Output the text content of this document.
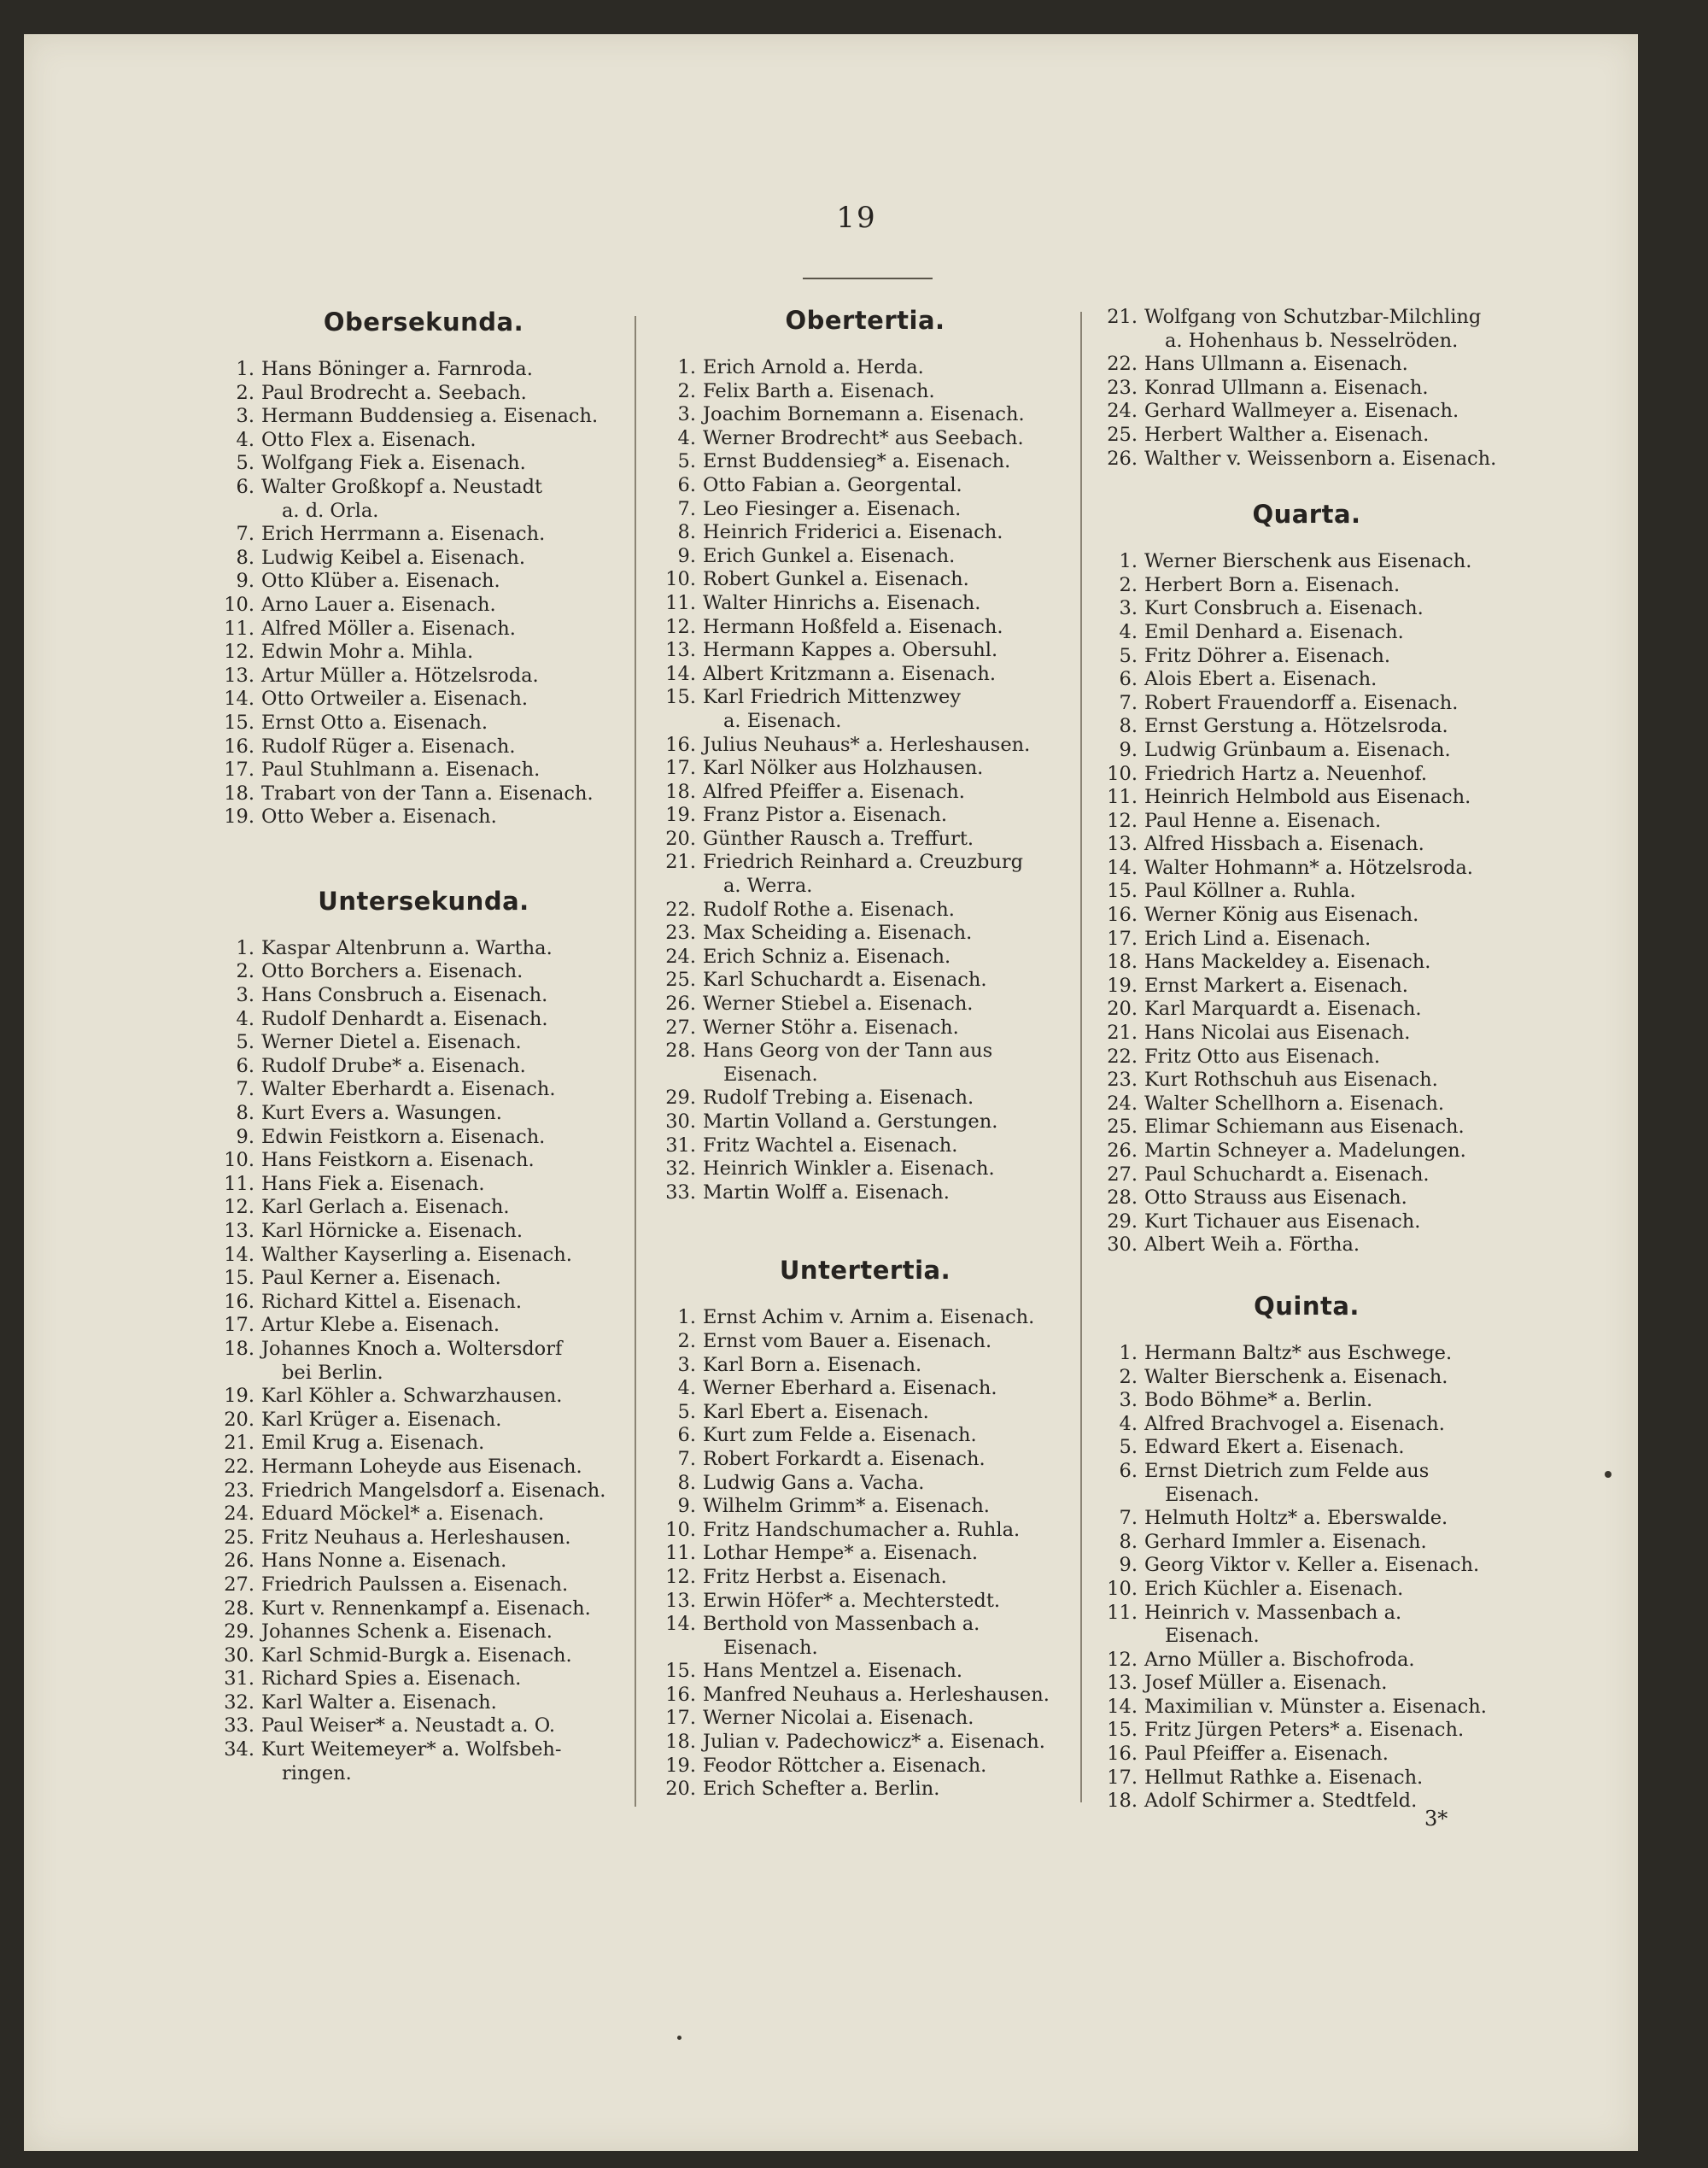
19
Obersekunda.
1. Hans Böninger a. Farnroda.
2. Paul Brodrecht a. Seebach.
3. Hermann Buddensieg a. Eisenach.
4. Otto Flex a. Eisenach.
5. Wolfgang Fiek a. Eisenach.
6. Walter Großkopf a. Neustadt
a. d. Orla.
7. Erich Herrmann a. Eisenach.
8. Ludwig Keibel a. Eisenach.
9. Otto Klüber a. Eisenach.
10. Arno Lauer a. Eisenach.
11. Alfred Möller a. Eisenach.
12. Edwin Mohr a. Mihla.
13. Artur Müller a. Hötzelsroda.
14. Otto Ortweiler a. Eisenach.
15. Ernst Otto a. Eisenach.
16. Rudolf Rüger a. Eisenach.
17. Paul Stuhlmann a. Eisenach.
18. Trabart von der Tann a. Eisenach.
19. Otto Weber a. Eisenach.
Untersekunda.
1. Kaspar Altenbrunn a. Wartha.
2. Otto Borchers a. Eisenach.
3. Hans Consbruch a. Eisenach.
4. Rudolf Denhardt a. Eisenach.
5. Werner Dietel a. Eisenach.
6. Rudolf Drube* a. Eisenach.
7. Walter Eberhardt a. Eisenach.
8. Kurt Evers a. Wasungen.
9. Edwin Feistkorn a. Eisenach.
10. Hans Feistkorn a. Eisenach.
11. Hans Fiek a. Eisenach.
12. Karl Gerlach a. Eisenach.
13. Karl Hörnicke a. Eisenach.
14. Walther Kayserling a. Eisenach.
15. Paul Kerner a. Eisenach.
16. Richard Kittel a. Eisenach.
17. Artur Klebe a. Eisenach.
18. Johannes Knoch a. Woltersdorf
bei Berlin.
19. Karl Köhler a. Schwarzhausen.
20. Karl Krüger a. Eisenach.
21. Emil Krug a. Eisenach.
22. Hermann Loheyde aus Eisenach.
23. Friedrich Mangelsdorf a. Eisenach.
24. Eduard Möckel* a. Eisenach.
25. Fritz Neuhaus a. Herleshausen.
26. Hans Nonne a. Eisenach.
27. Friedrich Paulssen a. Eisenach.
28. Kurt v. Rennenkampf a. Eisenach.
29. Johannes Schenk a. Eisenach.
30. Karl Schmid-Burgk a. Eisenach.
31. Richard Spies a. Eisenach.
32. Karl Walter a. Eisenach.
33. Paul Weiser* a. Neustadt a. O.
34. Kurt Weitemeyer* a. Wolfsbeh-
ringen.
Obertertia.
1. Erich Arnold a. Herda.
2. Felix Barth a. Eisenach.
3. Joachim Bornemann a. Eisenach.
4. Werner Brodrecht* aus Seebach.
5. Ernst Buddensieg* a. Eisenach.
6. Otto Fabian a. Georgental.
7. Leo Fiesinger a. Eisenach.
8. Heinrich Friderici a. Eisenach.
9. Erich Gunkel a. Eisenach.
10. Robert Gunkel a. Eisenach.
11. Walter Hinrichs a. Eisenach.
12. Hermann Hoßfeld a. Eisenach.
13. Hermann Kappes a. Obersuhl.
14. Albert Kritzmann a. Eisenach.
15. Karl Friedrich Mittenzwey
a. Eisenach.
16. Julius Neuhaus* a. Herleshausen.
17. Karl Nölker aus Holzhausen.
18. Alfred Pfeiffer a. Eisenach.
19. Franz Pistor a. Eisenach.
20. Günther Rausch a. Treffurt.
21. Friedrich Reinhard a. Creuzburg
a. Werra.
22. Rudolf Rothe a. Eisenach.
23. Max Scheiding a. Eisenach.
24. Erich Schniz a. Eisenach.
25. Karl Schuchardt a. Eisenach.
26. Werner Stiebel a. Eisenach.
27. Werner Stöhr a. Eisenach.
28. Hans Georg von der Tann aus
Eisenach.
29. Rudolf Trebing a. Eisenach.
30. Martin Volland a. Gerstungen.
31. Fritz Wachtel a. Eisenach.
32. Heinrich Winkler a. Eisenach.
33. Martin Wolff a. Eisenach.
Untertertia.
1. Ernst Achim v. Arnim a. Eisenach.
2. Ernst vom Bauer a. Eisenach.
3. Karl Born a. Eisenach.
4. Werner Eberhard a. Eisenach.
5. Karl Ebert a. Eisenach.
6. Kurt zum Felde a. Eisenach.
7. Robert Forkardt a. Eisenach.
8. Ludwig Gans a. Vacha.
9. Wilhelm Grimm* a. Eisenach.
10. Fritz Handschumacher a. Ruhla.
11. Lothar Hempe* a. Eisenach.
12. Fritz Herbst a. Eisenach.
13. Erwin Höfer* a. Mechterstedt.
14. Berthold von Massenbach a.
Eisenach.
15. Hans Mentzel a. Eisenach.
16. Manfred Neuhaus a. Herleshausen.
17. Werner Nicolai a. Eisenach.
18. Julian v. Padechowicz* a. Eisenach.
19. Feodor Röttcher a. Eisenach.
20. Erich Schefter a. Berlin.
21. Wolfgang von Schutzbar-Milchling
a. Hohenhaus b. Nesselröden.
22. Hans Ullmann a. Eisenach.
23. Konrad Ullmann a. Eisenach.
24. Gerhard Wallmeyer a. Eisenach.
25. Herbert Walther a. Eisenach.
26. Walther v. Weissenborn a. Eisenach.
Quarta.
1. Werner Bierschenk aus Eisenach.
2. Herbert Born a. Eisenach.
3. Kurt Consbruch a. Eisenach.
4. Emil Denhard a. Eisenach.
5. Fritz Döhrer a. Eisenach.
6. Alois Ebert a. Eisenach.
7. Robert Frauendorff a. Eisenach.
8. Ernst Gerstung a. Hötzelsroda.
9. Ludwig Grünbaum a. Eisenach.
10. Friedrich Hartz a. Neuenhof.
11. Heinrich Helmbold aus Eisenach.
12. Paul Henne a. Eisenach.
13. Alfred Hissbach a. Eisenach.
14. Walter Hohmann* a. Hötzelsroda.
15. Paul Köllner a. Ruhla.
16. Werner König aus Eisenach.
17. Erich Lind a. Eisenach.
18. Hans Mackeldey a. Eisenach.
19. Ernst Markert a. Eisenach.
20. Karl Marquardt a. Eisenach.
21. Hans Nicolai aus Eisenach.
22. Fritz Otto aus Eisenach.
23. Kurt Rothschuh aus Eisenach.
24. Walter Schellhorn a. Eisenach.
25. Elimar Schiemann aus Eisenach.
26. Martin Schneyer a. Madelungen.
27. Paul Schuchardt a. Eisenach.
28. Otto Strauss aus Eisenach.
29. Kurt Tichauer aus Eisenach.
30. Albert Weih a. Förtha.
Quinta.
1. Hermann Baltz* aus Eschwege.
2. Walter Bierschenk a. Eisenach.
3. Bodo Böhme* a. Berlin.
4. Alfred Brachvogel a. Eisenach.
5. Edward Ekert a. Eisenach.
6. Ernst Dietrich zum Felde aus
Eisenach.
7. Helmuth Holtz* a. Eberswalde.
8. Gerhard Immler a. Eisenach.
9. Georg Viktor v. Keller a. Eisenach.
10. Erich Küchler a. Eisenach.
11. Heinrich v. Massenbach a.
Eisenach.
12. Arno Müller a. Bischofroda.
13. Josef Müller a. Eisenach.
14. Maximilian v. Münster a. Eisenach.
15. Fritz Jürgen Peters* a. Eisenach.
16. Paul Pfeiffer a. Eisenach.
17. Hellmut Rathke a. Eisenach.
18. Adolf Schirmer a. Stedtfeld.
3*
